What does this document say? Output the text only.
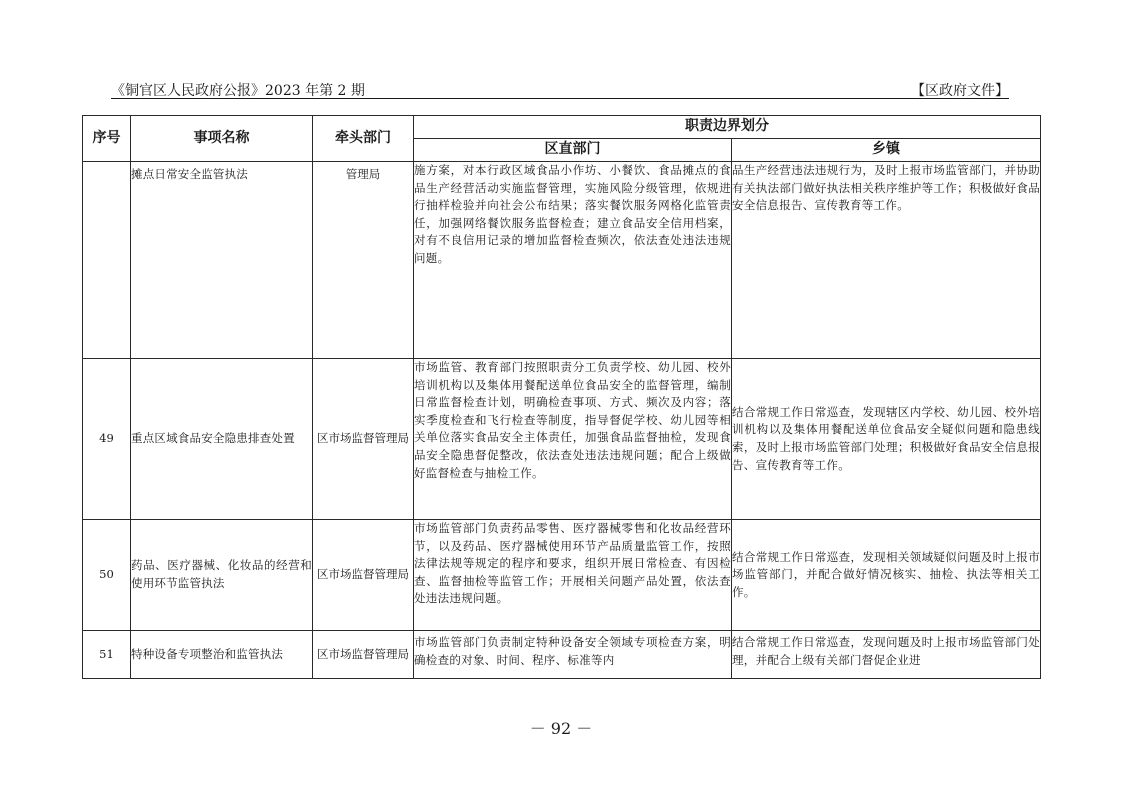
《铜官区人民政府公报》2023 年第 2 期	【区政府文件】
序号	事项名称	牵头部门	职责边界划分	
			区直部门	乡镇
	摊点日常安全监管执法	管理局	施方案，对本行政区域食品小作坊、小餐饮、食品摊点的食品生产经营活动实施监督管理，实施风险分级管理，依规进行抽样检验并向社会公布结果；落实餐饮服务网格化监管责任，加强网络餐饮服务监督检查；建立食品安全信用档案，对有不良信用记录的增加监督检查频次，依法查处违法违规问题。	品生产经营违法违规行为，及时上报市场监管部门，并协助有关执法部门做好执法相关秩序维护等工作；积极做好食品安全信息报告、宣传教育等工作。
49	重点区域食品安全隐患排查处置	区市场监督管理局	市场监管、教育部门按照职责分工负责学校、幼儿园、校外培训机构以及集体用餐配送单位食品安全的监督管理，编制日常监督检查计划，明确检查事项、方式、频次及内容；落实季度检查和飞行检查等制度，指导督促学校、幼儿园等相关单位落实食品安全主体责任，加强食品监督抽检，发现食品安全隐患督促整改，依法查处违法违规问题；配合上级做好监督检查与抽检工作。	结合常规工作日常巡查，发现辖区内学校、幼儿园、校外培训机构以及集体用餐配送单位食品安全疑似问题和隐患线索，及时上报市场监管部门处理；积极做好食品安全信息报告、宣传教育等工作。
50	药品、医疗器械、化妆品的经营和使用环节监管执法	区市场监督管理局	市场监管部门负责药品零售、医疗器械零售和化妆品经营环节，以及药品、医疗器械使用环节产品质量监管工作，按照法律法规等规定的程序和要求，组织开展日常检查、有因检查、监督抽检等监管工作；开展相关问题产品处置，依法查处违法违规问题。	结合常规工作日常巡查，发现相关领域疑似问题及时上报市场监管部门，并配合做好情况核实、抽检、执法等相关工作。
51	特种设备专项整治和监管执法	区市场监督管理局	市场监管部门负责制定特种设备安全领域专项检查方案，明确检查的对象、时间、程序、标准等内	结合常规工作日常巡查，发现问题及时上报市场监管部门处理，并配合上级有关部门督促企业进
－ 92 －
